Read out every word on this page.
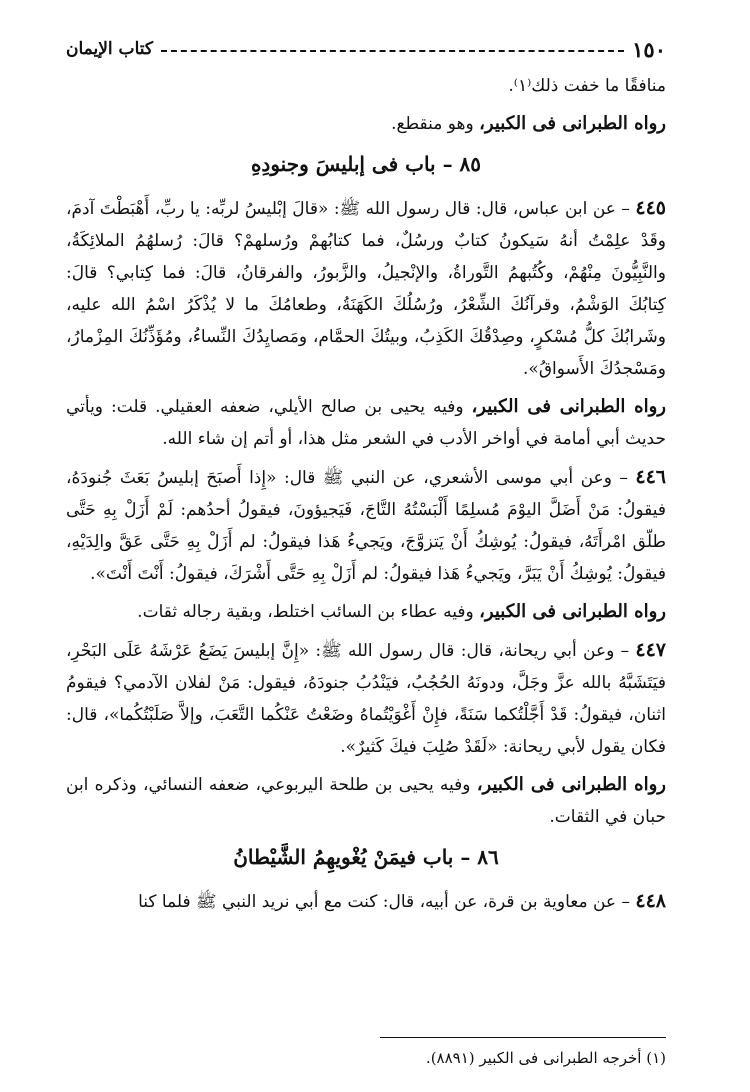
١٥٠
كتاب الإيمان

منافقًا ما خفت ذلك⁽١⁾.

رواه الطبرانى فى الكبير، وهو منقطع.

٨٥ – باب فى إبليسَ وجنودِهِ

٤٤٥ – عن ابن عباس، قال: قال رسول الله ﷺ: «قالَ إبْليسُ لربِّه: يا ربِّ، أَهْبَطْتَ آدمَ، وقَدْ علِمْتُ أنهُ سَيكونُ كتابٌ ورسُلٌ، فما كتابُهمْ ورُسلهمْ؟ قالَ: رُسلهُمُ الملائِكَةُ، والنَّبِيُّونَ مِنْهُمْ، وكُتُبهمُ التَّوراةُ، والإنْجيلُ، والزَّبورُ، والفرقانُ، قالَ: فما كِتابي؟ قالَ: كِتابُكَ الوَشْمُ، وقرآنُكَ الشِّعْرُ، ورُسُلُكَ الكَهَنَةُ، وطعامُكَ ما لا يُذْكَرُ اسْمُ الله عليه، وشَرابُكَ كلُّ مُسْكرٍ، وصِدْقُكَ الكَذِبُ، وبيتُكَ الحمَّام، ومَصايِدُكَ النِّساءُ، ومُؤَذِّنُكَ المِزْمارُ، ومَسْجدُكَ الأَسواقُ».

رواه الطبرانى فى الكبير، وفيه يحيى بن صالح الأيلي، ضعفه العقيلي. قلت: ويأتي حديث أبي أمامة في أواخر الأدب في الشعر مثل هذا، أو أتم إن شاء الله.

٤٤٦ – وعن أبي موسى الأشعري، عن النبي ﷺ قال: «إِذا أَصبَحَ إبليسُ بَعَثَ جُنودَهُ، فيقولُ: مَنْ أَضَلَّ اليوْمَ مُسلِمًا أَلْبَسْتُهُ التَّاجَ، فَيَجيؤونَ، فيقولُ أحدُهم: لَمْ أَزَلْ بِهِ حَتَّى طلّق امْرأَتَهُ، فيقولُ: يُوشِكُ أَنْ يَتزوَّجَ، ويَجيءُ هَذا فيقولُ: لم أَزَلْ بِهِ حَتَّى عَقَّ والِدَيْهِ، فيقولُ: يُوشِكُ أَنْ يَبَرَّ، ويَجيءُ هَذا فيقولُ: لم أَزَلْ بِهِ حَتَّى أَشْرَكَ، فيقولُ: أَنْتَ أَنْتَ».

رواه الطبرانى فى الكبير، وفيه عطاء بن السائب اختلط، وبقية رجاله ثقات.

٤٤٧ – وعن أبي ريحانة، قال: قال رسول الله ﷺ: «إِنَّ إبليسَ يَضَعُ عَرْشَهُ عَلَى البَحْرِ، فيَتَشَبَّهُ بالله عزَّ وجَلَّ، ودونَهُ الحُجُبُ، فيَنْدُبُ جنودَهُ، فيقول: مَنْ لفلان الآدمي؟ فيقومُ اثنان، فيقولُ: قَدْ أَجَّلْتُكما سَنَةً، فإِنْ أَغْوَيْتُماهُ وضَعْتُ عَنْكُما التَّعَبَ، وإلاَّ صَلَبْتُكُما»، قال: فكان يقول لأبي ريحانة: «لَقَدْ صُلِبَ فيكَ كَثيرٌ».

رواه الطبرانى فى الكبير، وفيه يحيى بن طلحة اليربوعي، ضعفه النسائي، وذكره ابن حبان في الثقات.

٨٦ – باب فيمَنْ يُغْويهِمُ الشَّيْطانُ

٤٤٨ – عن معاوية بن قرة، عن أبيه، قال: كنت مع أبي نريد النبي ﷺ فلما كنا

(١) أخرجه الطبرانى فى الكبير (٨٨٩١).
